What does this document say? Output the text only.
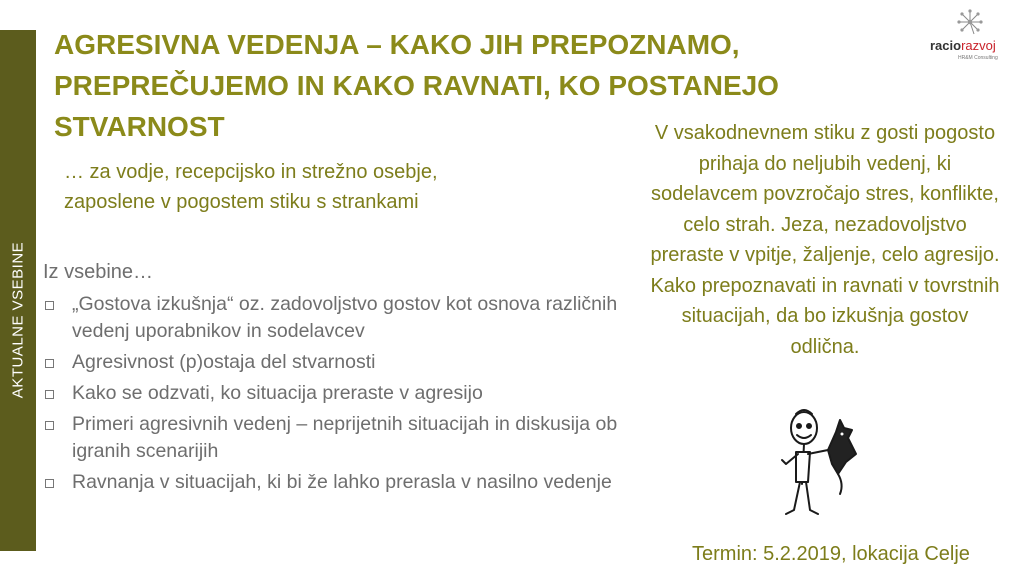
AKTUALNE VSEBINE
AGRESIVNA VEDENJA – KAKO JIH PREPOZNAMO, PREPREČUJEMO IN KAKO RAVNATI, KO POSTANEJO STVARNOST
raciorazvoj
HR&M Consulting
… za vodje, recepcijsko in strežno osebje,
zaposlene v pogostem stiku s strankami
Iz vsebine…
„Gostova izkušnja“ oz. zadovoljstvo gostov kot osnova različnih vedenj uporabnikov in sodelavcev
Agresivnost (p)ostaja del stvarnosti
Kako se odzvati, ko situacija preraste v agresijo
Primeri agresivnih vedenj – neprijetnih situacijah in diskusija ob igranih scenarijih
Ravnanja v situacijah, ki bi že lahko prerasla v nasilno vedenje

V vsakodnevnem stiku z gosti pogosto prihaja do neljubih vedenj, ki sodelavcem povzročajo stres, konflikte, celo strah. Jeza, nezadovoljstvo preraste v vpitje, žaljenje, celo agresijo. Kako prepoznavati in ravnati v tovrstnih situacijah, da bo izkušnja gostov odlična.

Termin: 5.2.2019, lokacija Celje
